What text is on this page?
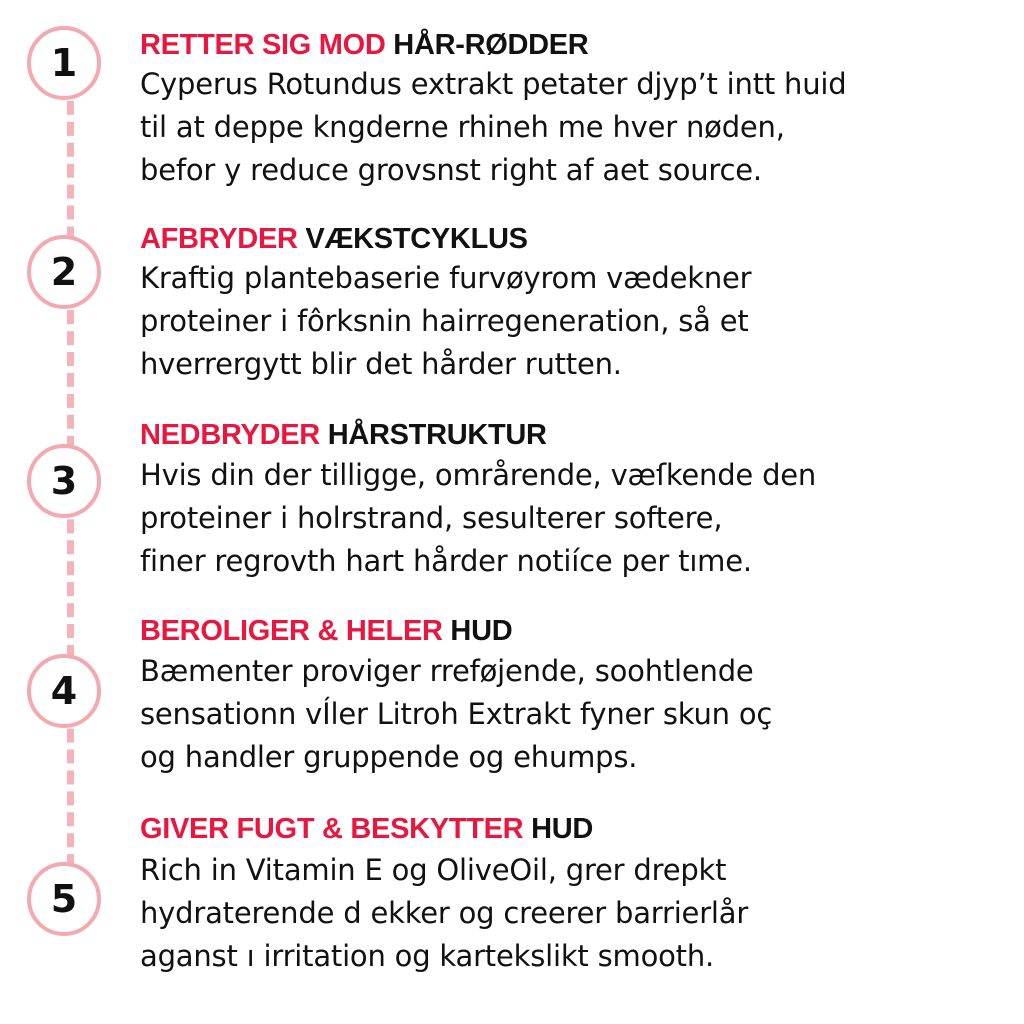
1 RETTER SIG MOD HÅR-RØDDER
Cyperus Rotundus extrakt petater djyp’t intt huid
til at deppe kngderne rhineh me hver nøden,
befor y reduce grovsnst right af aet source.
2
AFBRYDER VÆKSTCYKLUS
Kraftig plantebaserie furvøyrom vædekner
proteiner i fôrksnin hairregeneration, så et
hverrergytt blir det hårder rutten.
3
NEDBRYDER HÅRSTRUKTUR
Hvis din der tilligge, områrende, væſkende den
proteiner i holrstrand, sesulterer softere,
finer regrovth hart hårder notiíce per tıme.
4
BEROLIGER & HELER HUD
Bæmenter proviger rreføjende, soohtlende
sensationn vÍler Litroh Extrakt fyner skun oç
og handler gruppende og ehumps.
5
GIVER FUGT & BESKYTTER HUD
Rich in Vitamin E og OliveOil, grer drepkt
hydraterende d ekker og creerer barrierlår
aganst ı irritation og kartekslikt smooth.
